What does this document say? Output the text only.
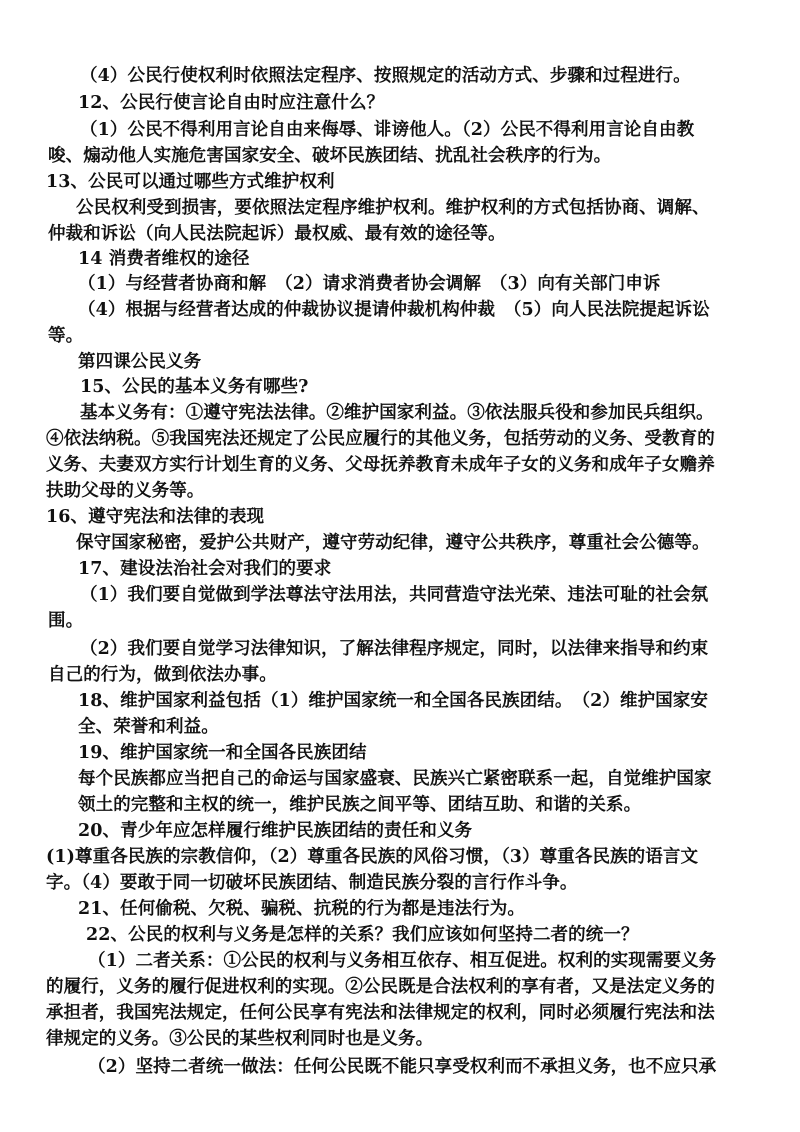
（4）公民行使权利时依照法定程序、按照规定的活动方式、步骤和过程进行。
12、公民行使言论自由时应注意什么？
（1）公民不得利用言论自由来侮辱、诽谤他人。（2）公民不得利用言论自由教
唆、煽动他人实施危害国家安全、破坏民族团结、扰乱社会秩序的行为。
13、公民可以通过哪些方式维护权利
公民权利受到损害，要依照法定程序维护权利。维护权利的方式包括协商、调解、
仲裁和诉讼（向人民法院起诉）最权威、最有效的途径等。
14 消费者维权的途径
（1）与经营者协商和解　（2）请求消费者协会调解　（3）向有关部门申诉
（4）根据与经营者达成的仲裁协议提请仲裁机构仲裁　（5）向人民法院提起诉讼
等。
第四课公民义务
15、公民的基本义务有哪些?
基本义务有：①遵守宪法法律。②维护国家利益。③依法服兵役和参加民兵组织。
④依法纳税。⑤我国宪法还规定了公民应履行的其他义务，包括劳动的义务、受教育的
义务、夫妻双方实行计划生育的义务、父母抚养教育未成年子女的义务和成年子女赡养
扶助父母的义务等。
16、遵守宪法和法律的表现
保守国家秘密，爱护公共财产，遵守劳动纪律，遵守公共秩序，尊重社会公德等。
17、建设法治社会对我们的要求
（1）我们要自觉做到学法尊法守法用法，共同营造守法光荣、违法可耻的社会氛
围。
（2）我们要自觉学习法律知识，了解法律程序规定，同时，以法律来指导和约束
自己的行为，做到依法办事。
18、维护国家利益包括（1）维护国家统一和全国各民族团结。　（2）维护国家安
全、荣誉和利益。
19、维护国家统一和全国各民族团结
每个民族都应当把自己的命运与国家盛衰、民族兴亡紧密联系一起，自觉维护国家
领土的完整和主权的统一，维护民族之间平等、团结互助、和谐的关系。
20、青少年应怎样履行维护民族团结的责任和义务
(1)尊重各民族的宗教信仰，（2）尊重各民族的风俗习惯，（3）尊重各民族的语言文
字。（4）要敢于同一切破坏民族团结、制造民族分裂的言行作斗争。
21、任何偷税、欠税、骗税、抗税的行为都是违法行为。
22、公民的权利与义务是怎样的关系？我们应该如何坚持二者的统一？
（1）二者关系：①公民的权利与义务相互依存、相互促进。权利的实现需要义务
的履行，义务的履行促进权利的实现。②公民既是合法权利的享有者，又是法定义务的
承担者，我国宪法规定，任何公民享有宪法和法律规定的权利，同时必须履行宪法和法
律规定的义务。③公民的某些权利同时也是义务。
（2）坚持二者统一做法：任何公民既不能只享受权利而不承担义务，也不应只承
